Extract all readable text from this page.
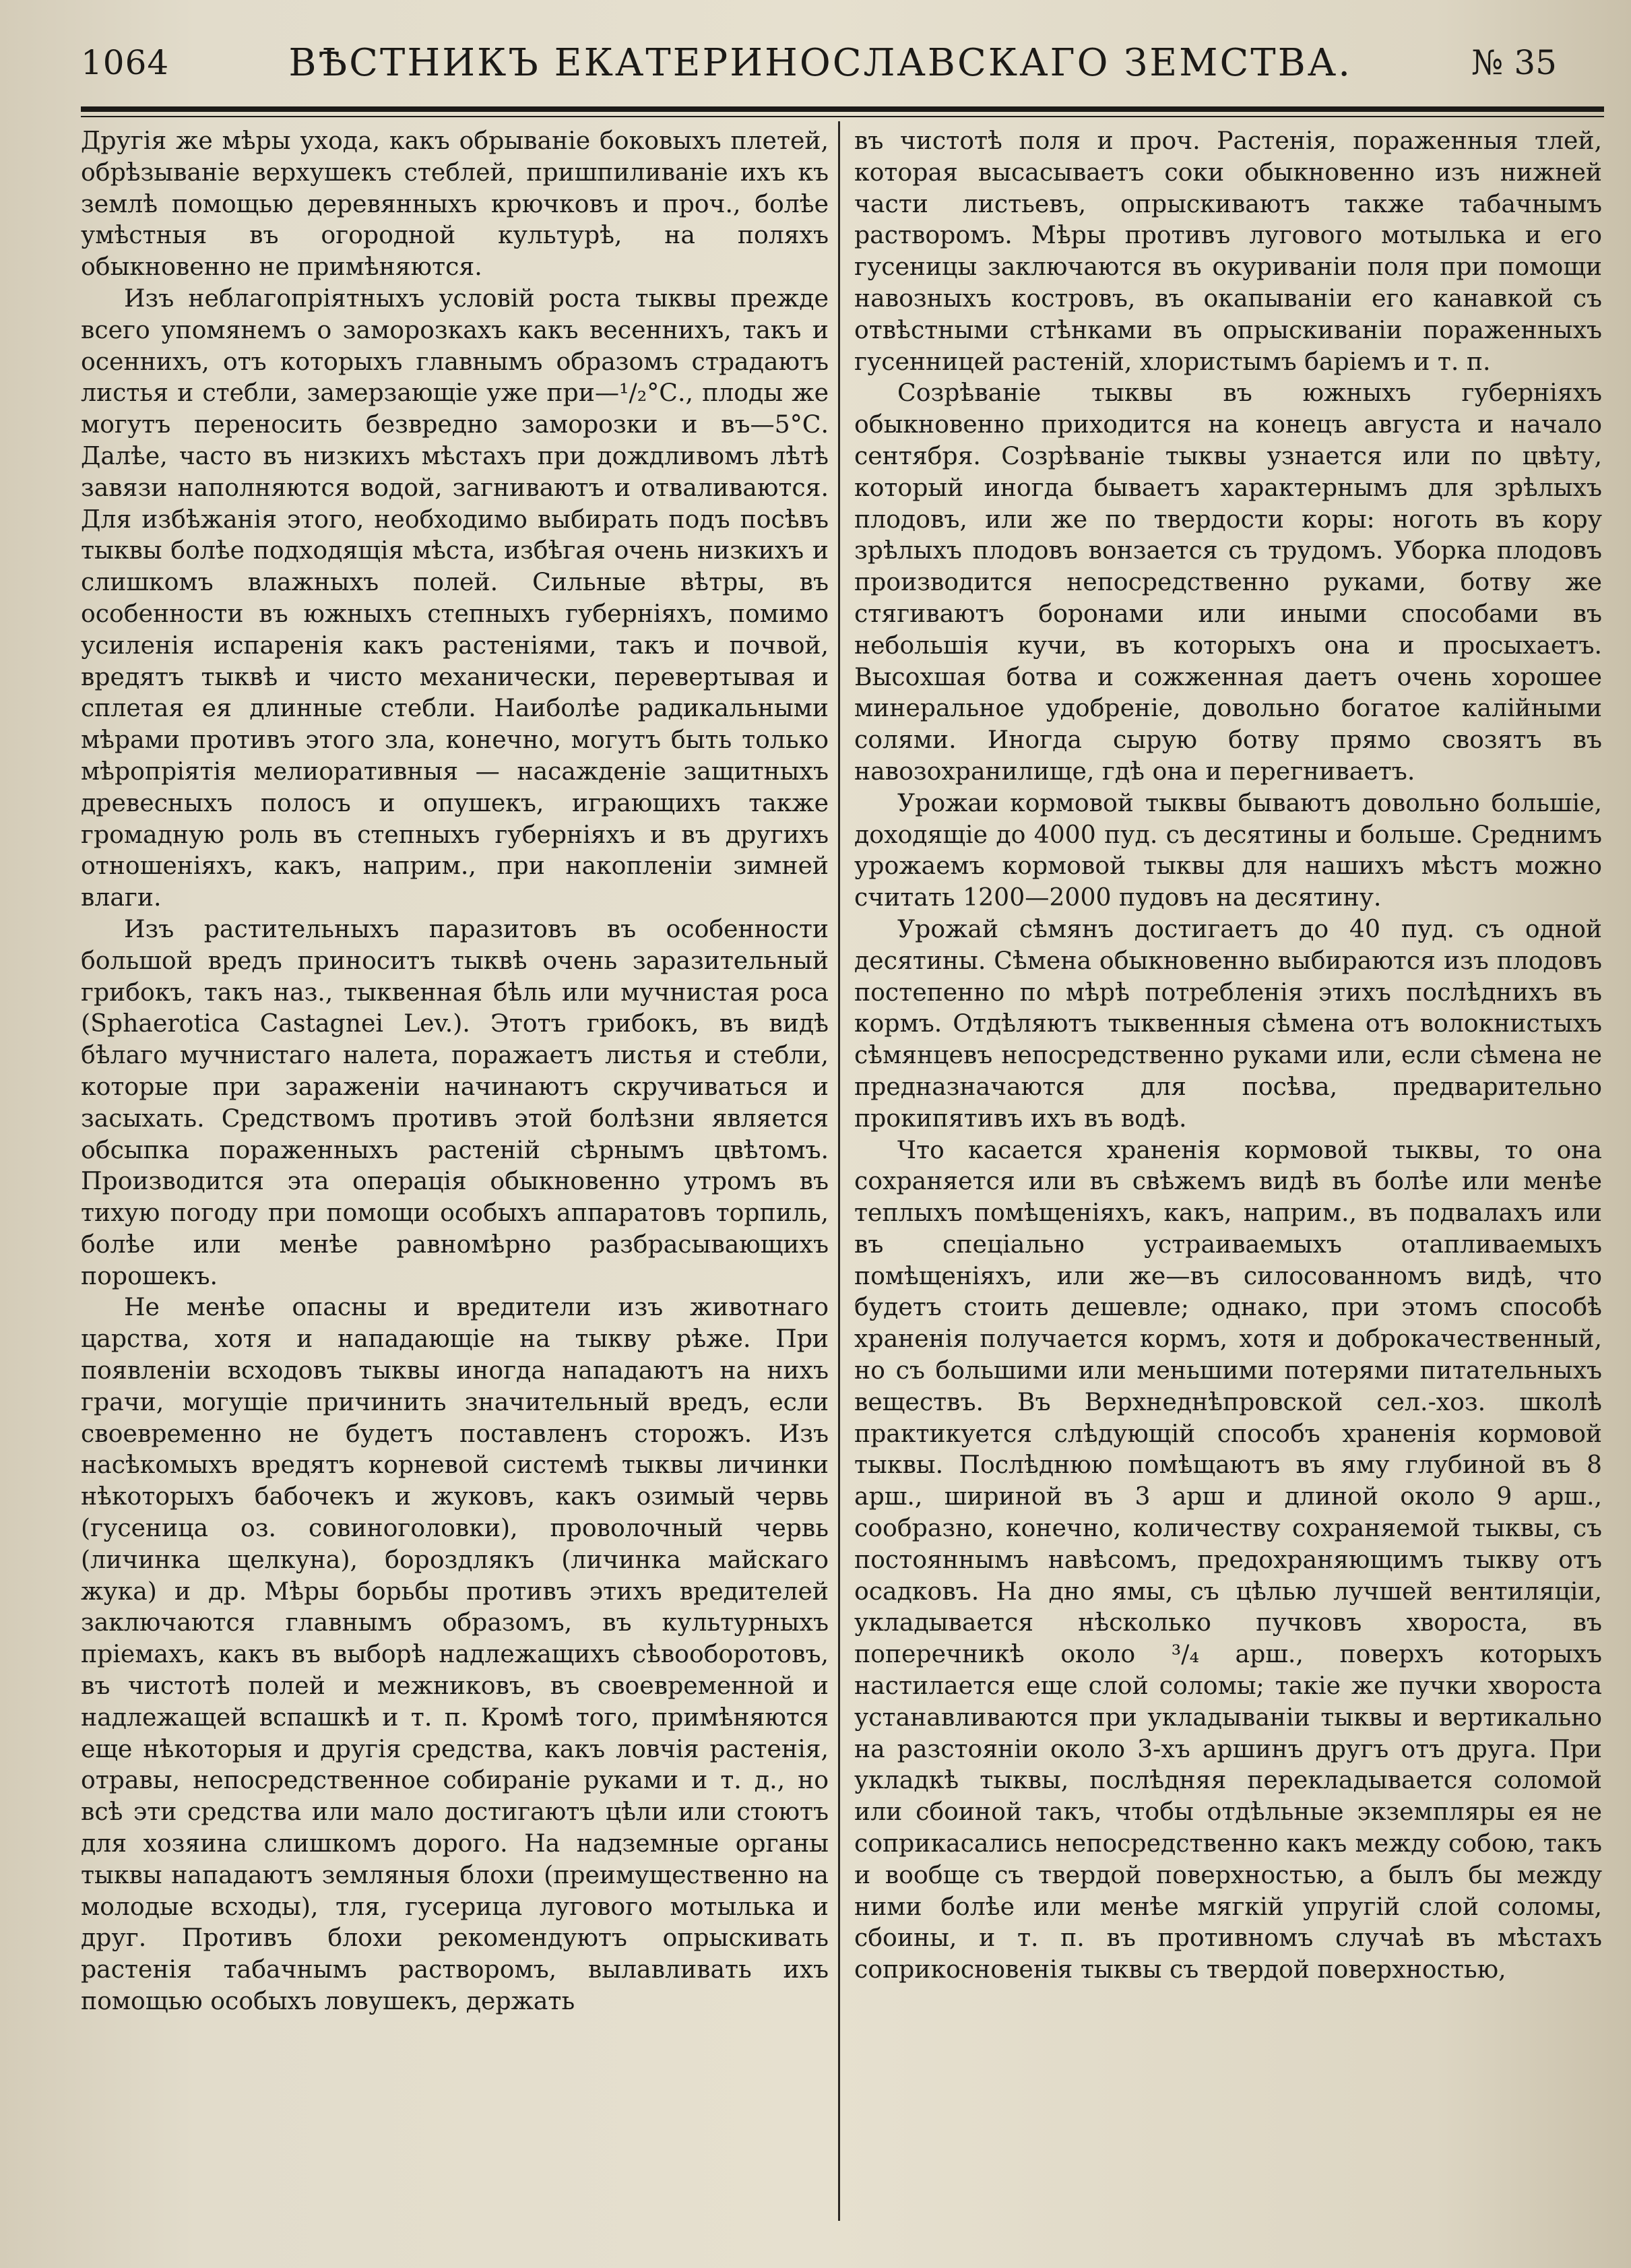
1064	ВѢСТНИКЪ ЕКАТЕРИНОСЛАВСКАГО ЗЕМСТВА.	№ 35

Другія же мѣры ухода, какъ обрываніе боковыхъ плетей, обрѣзываніе верхушекъ стеблей, пришпиливаніе ихъ къ землѣ помощью деревянныхъ крючковъ и проч., болѣе умѣстныя въ огородной культурѣ, на поляхъ обыкновенно не примѣняются.

Изъ неблагопріятныхъ условій роста тыквы прежде всего упомянемъ о заморозкахъ какъ весеннихъ, такъ и осеннихъ, отъ которыхъ главнымъ образомъ страдаютъ листья и стебли, замерзающіе уже при—¹/₂°С., плоды же могутъ переносить безвредно заморозки и въ—5°С. Далѣе, часто въ низкихъ мѣстахъ при дождливомъ лѣтѣ завязи наполняются водой, загниваютъ и отваливаются. Для избѣжанія этого, необходимо выбирать подъ посѣвъ тыквы болѣе подходящія мѣста, избѣгая очень низкихъ и слишкомъ влажныхъ полей. Сильные вѣтры, въ особенности въ южныхъ степныхъ губерніяхъ, помимо усиленія испаренія какъ растеніями, такъ и почвой, вредятъ тыквѣ и чисто механически, перевертывая и сплетая ея длинные стебли. Наиболѣе радикальными мѣрами противъ этого зла, конечно, могутъ быть только мѣропріятія мелиоративныя — насажденіе защитныхъ древесныхъ полосъ и опушекъ, играющихъ также громадную роль въ степныхъ губерніяхъ и въ другихъ отношеніяхъ, какъ, наприм., при накопленіи зимней влаги.

Изъ растительныхъ паразитовъ въ особенности большой вредъ приноситъ тыквѣ очень заразительный грибокъ, такъ наз., тыквенная бѣль или мучнистая роса (Sphaerotica Castagnei Lev.). Этотъ грибокъ, въ видѣ бѣлаго мучнистаго налета, поражаетъ листья и стебли, которые при зараженіи начинаютъ скручиваться и засыхать. Средствомъ противъ этой болѣзни является обсыпка пораженныхъ растеній сѣрнымъ цвѣтомъ. Производится эта операція обыкновенно утромъ въ тихую погоду при помощи особыхъ аппаратовъ торпиль, болѣе или менѣе равномѣрно разбрасывающихъ порошекъ.

Не менѣе опасны и вредители изъ животнаго царства, хотя и нападающіе на тыкву рѣже. При появленіи всходовъ тыквы иногда нападаютъ на нихъ грачи, могущіе причинить значительный вредъ, если своевременно не будетъ поставленъ сторожъ. Изъ насѣкомыхъ вредятъ корневой системѣ тыквы личинки нѣкоторыхъ бабочекъ и жуковъ, какъ озимый червь (гусеница оз. совиноголовки), проволочный червь (личинка щелкуна), бороздлякъ (личинка майскаго жука) и др. Мѣры борьбы противъ этихъ вредителей заключаются главнымъ образомъ, въ культурныхъ пріемахъ, какъ въ выборѣ надлежащихъ сѣвооборотовъ, въ чистотѣ полей и межниковъ, въ своевременной и надлежащей вспашкѣ и т. п. Кромѣ того, примѣняются еще нѣкоторыя и другія средства, какъ ловчія растенія, отравы, непосредственное собираніе руками и т. д., но всѣ эти средства или мало достигаютъ цѣли или стоютъ для хозяина слишкомъ дорого. На надземные органы тыквы нападаютъ земляныя блохи (преимущественно на молодые всходы), тля, гусерица лугового мотылька и друг. Противъ блохи рекомендуютъ опрыскивать растенія табачнымъ растворомъ, вылавливать ихъ помощью особыхъ ловушекъ, держать

въ чистотѣ поля и проч. Растенія, пораженныя тлей, которая высасываетъ соки обыкновенно изъ нижней части листьевъ, опрыскиваютъ также табачнымъ растворомъ. Мѣры противъ лугового мотылька и его гусеницы заключаются въ окуриваніи поля при помощи навозныхъ костровъ, въ окапываніи его канавкой съ отвѣстными стѣнками въ опрыскиваніи пораженныхъ гусенницей растеній, хлористымъ баріемъ и т. п.

Созрѣваніе тыквы въ южныхъ губерніяхъ обыкновенно приходится на конецъ августа и начало сентября. Созрѣваніе тыквы узнается или по цвѣту, который иногда бываетъ характернымъ для зрѣлыхъ плодовъ, или же по твердости коры: ноготь въ кору зрѣлыхъ плодовъ вонзается съ трудомъ. Уборка плодовъ производится непосредственно руками, ботву же стягиваютъ боронами или иными способами въ небольшія кучи, въ которыхъ она и просыхаетъ. Высохшая ботва и сожженная даетъ очень хорошее минеральное удобреніе, довольно богатое калійными солями. Иногда сырую ботву прямо свозятъ въ навозохранилище, гдѣ она и перегниваетъ.

Урожаи кормовой тыквы бываютъ довольно большіе, доходящіе до 4000 пуд. съ десятины и больше. Среднимъ урожаемъ кормовой тыквы для нашихъ мѣстъ можно считать 1200—2000 пудовъ на десятину.

Урожай сѣмянъ достигаетъ до 40 пуд. съ одной десятины. Сѣмена обыкновенно выбираются изъ плодовъ постепенно по мѣрѣ потребленія этихъ послѣднихъ въ кормъ. Отдѣляютъ тыквенныя сѣмена отъ волокнистыхъ сѣмянцевъ непосредственно руками или, если сѣмена не предназначаются для посѣва, предварительно прокипятивъ ихъ въ водѣ.

Что касается храненія кормовой тыквы, то она сохраняется или въ свѣжемъ видѣ въ болѣе или менѣе теплыхъ помѣщеніяхъ, какъ, наприм., въ подвалахъ или въ спеціально устраиваемыхъ отапливаемыхъ помѣщеніяхъ, или же—въ силосованномъ видѣ, что будетъ стоить дешевле; однако, при этомъ способѣ храненія получается кормъ, хотя и доброкачественный, но съ большими или меньшими потерями питательныхъ веществъ. Въ Верхнеднѣпровской сел.-хоз. школѣ практикуется слѣдующій способъ храненія кормовой тыквы. Послѣднюю помѣщаютъ въ яму глубиной въ 8 арш., шириной въ 3 арш и длиной около 9 арш., сообразно, конечно, количеству сохраняемой тыквы, съ постояннымъ навѣсомъ, предохраняющимъ тыкву отъ осадковъ. На дно ямы, съ цѣлью лучшей вентиляціи, укладывается нѣсколько пучковъ хвороста, въ поперечникѣ около ³/₄ арш., поверхъ которыхъ настилается еще слой соломы; такіе же пучки хвороста устанавливаются при укладываніи тыквы и вертикально на разстояніи около 3-хъ аршинъ другъ отъ друга. При укладкѣ тыквы, послѣдняя перекладывается соломой или сбоиной такъ, чтобы отдѣльные экземпляры ея не соприкасались непосредственно какъ между собою, такъ и вообще съ твердой поверхностью, а былъ бы между ними болѣе или менѣе мягкій упругій слой соломы, сбоины, и т. п. въ противномъ случаѣ въ мѣстахъ соприкосновенія тыквы съ твердой поверхностью,
